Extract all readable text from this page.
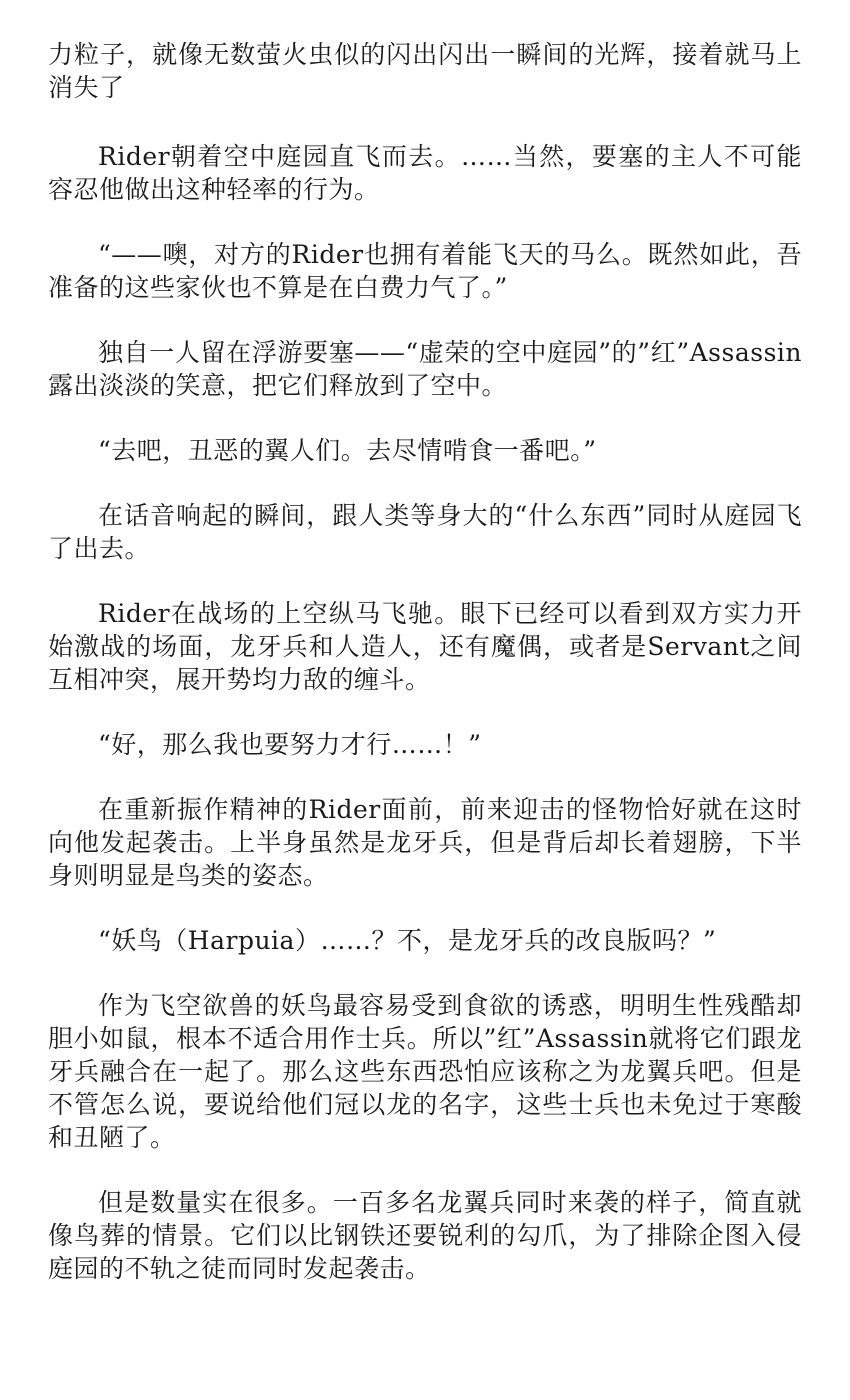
力粒子，就像无数萤火虫似的闪出闪出一瞬间的光辉，接着就马上消失了

Rider朝着空中庭园直飞而去。……当然，要塞的主人不可能容忍他做出这种轻率的行为。

“——噢，对方的Rider也拥有着能飞天的马么。既然如此，吾准备的这些家伙也不算是在白费力气了。”

独自一人留在浮游要塞——“虚荣的空中庭园”的”红”Assassin露出淡淡的笑意，把它们释放到了空中。

“去吧，丑恶的翼人们。去尽情啃食一番吧。”

在话音响起的瞬间，跟人类等身大的“什么东西”同时从庭园飞了出去。

Rider在战场的上空纵马飞驰。眼下已经可以看到双方实力开始激战的场面，龙牙兵和人造人，还有魔偶，或者是Servant之间互相冲突，展开势均力敌的缠斗。

“好，那么我也要努力才行……！”

在重新振作精神的Rider面前，前来迎击的怪物恰好就在这时向他发起袭击。上半身虽然是龙牙兵，但是背后却长着翅膀，下半身则明显是鸟类的姿态。

“妖鸟（Harpuia）……？不，是龙牙兵的改良版吗？”

作为飞空欲兽的妖鸟最容易受到食欲的诱惑，明明生性残酷却胆小如鼠，根本不适合用作士兵。所以”红”Assassin就将它们跟龙牙兵融合在一起了。那么这些东西恐怕应该称之为龙翼兵吧。但是不管怎么说，要说给他们冠以龙的名字，这些士兵也未免过于寒酸和丑陋了。

但是数量实在很多。一百多名龙翼兵同时来袭的样子，简直就像鸟葬的情景。它们以比钢铁还要锐利的勾爪，为了排除企图入侵庭园的不轨之徒而同时发起袭击。
